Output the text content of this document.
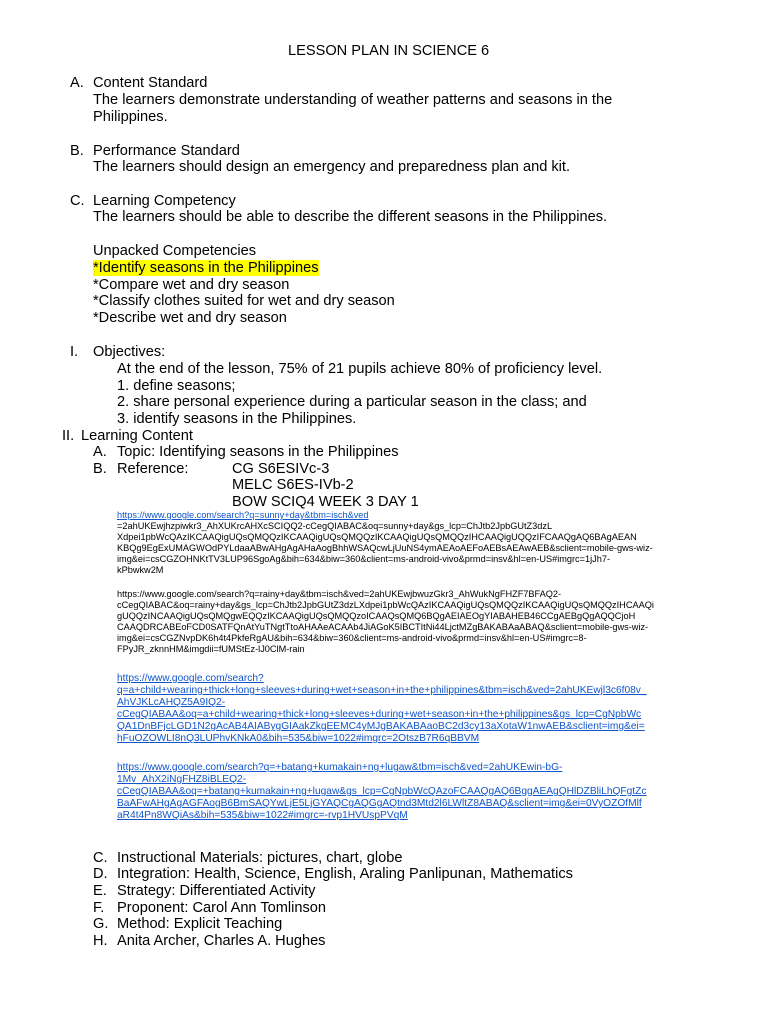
LESSON PLAN IN SCIENCE 6
A. Content Standard
The learners demonstrate understanding of weather patterns and seasons in the
Philippines.
B. Performance Standard
The learners should design an emergency and preparedness plan and kit.
C. Learning Competency
The learners should be able to describe the different seasons in the Philippines.
Unpacked Competencies
*Identify seasons in the Philippines
*Compare wet and dry season
*Classify clothes suited for wet and dry season
*Describe wet and dry season
I. Objectives:
At the end of the lesson, 75% of 21 pupils achieve 80% of proficiency level.
1. define seasons;
2. share personal experience during a particular season in the class; and
3. identify seasons in the Philippines.
II. Learning Content
A. Topic: Identifying seasons in the Philippines
B. Reference:	CG S6ESIVc-3
MELC S6ES-IVb-2
BOW SCIQ4 WEEK 3 DAY 1
https://www.google.com/search?q=sunny+day&tbm=isch&ved
=2ahUKEwjhzpiwkr3_AhXUKrcAHXcSCIQQ2-cCegQIABAC&oq=sunny+day&gs_lcp=ChJtb2JpbGUtZ3dzL
Xdpei1pbWcQAzIKCAAQigUQsQMQQzIKCAAQigUQsQMQQzIKCAAQigUQsQMQQzIHCAAQigUQQzIFCAAQgAQ6BAgAEAN
KBQg9EgExUMAGWOdPYLdaaABwAHgAgAHaAogBhhWSAQcwLjUuNS4ymAEAoAEFoAEBsAEAwAEB&sclient=mobile-gws-wiz-
img&ei=csCGZOHNKtTV3LUP96SgoAg&bih=634&biw=360&client=ms-android-vivo&prmd=insv&hl=en-US#imgrc=1jJh7-
kPbwkw2M
https://www.google.com/search?q=rainy+day&tbm=isch&ved=2ahUKEwjbwuzGkr3_AhWukNgFHZF7BFAQ2-
cCegQIABAC&oq=rainy+day&gs_lcp=ChJtb2JpbGUtZ3dzLXdpei1pbWcQAzIKCAAQigUQsQMQQzIKCAAQigUQsQMQQzIHCAAQi
gUQQzINCAAQigUQsQMQgwEQQzIKCAAQigUQsQMQQzoICAAQsQMQ6BQgAEIAEOgYIABAHEB46CCgAEBgQgAQQCjoH
CAAQDRCABEoFCD0SATFQnAtYuTNgtTtoAHAAeACAAb4JiAGoK5IBCTItNi44LjctMZgBAKABAaABAQ&sclient=mobile-gws-wiz-
img&ei=csCGZNvpDK6h4t4PkfeRgAU&bih=634&biw=360&client=ms-android-vivo&prmd=insv&hl=en-US#imgrc=8-
FPyJR_zknnHM&imgdii=fUMStEz-lJ0ClM-rain
https://www.google.com/search?
q=a+child+wearing+thick+long+sleeves+during+wet+season+in+the+philippines&tbm=isch&ved=2ahUKEwjl3c6f08v_
AhVJKLcAHQZ5A9IQ2-
cCegQIABAA&oq=a+child+wearing+thick+long+sleeves+during+wet+season+in+the+philippines&gs_lcp=CgNpbWc
QA1DnBFjcLGD1N2gAcAB4AIABygGIAakZkgEEMC4yMJgBAKABAaoBC2d3cy13aXotaW1nwAEB&sclient=img&ei=
hFuOZOWLI8nQ3LUPhvKNkA0&bih=535&biw=1022#imgrc=2OtszB7R6qBBVM
https://www.google.com/search?q=+batang+kumakain+ng+lugaw&tbm=isch&ved=2ahUKEwin-bG-
1Mv_AhX2iNgFHZ8iBLEQ2-
cCegQIABAA&oq=+batang+kumakain+ng+lugaw&gs_lcp=CgNpbWcQAzoFCAAQgAQ6BggAEAgQHlDZBliLhQFgtZc
BaAFwAHgAgAGFAogB6BmSAQYwLjE5LjGYAQCgAQGgAQtnd3Mtd2l6LWltZ8ABAQ&sclient=img&ei=0VyOZOfMlf
aR4t4Pn8WQiAs&bih=535&biw=1022#imgrc=-rvp1HVUspPVqM
C. Instructional Materials: pictures, chart, globe
D. Integration: Health, Science, English, Araling Panlipunan, Mathematics
E. Strategy: Differentiated Activity
F. Proponent: Carol Ann Tomlinson
G. Method: Explicit Teaching
H. Anita Archer, Charles A. Hughes
